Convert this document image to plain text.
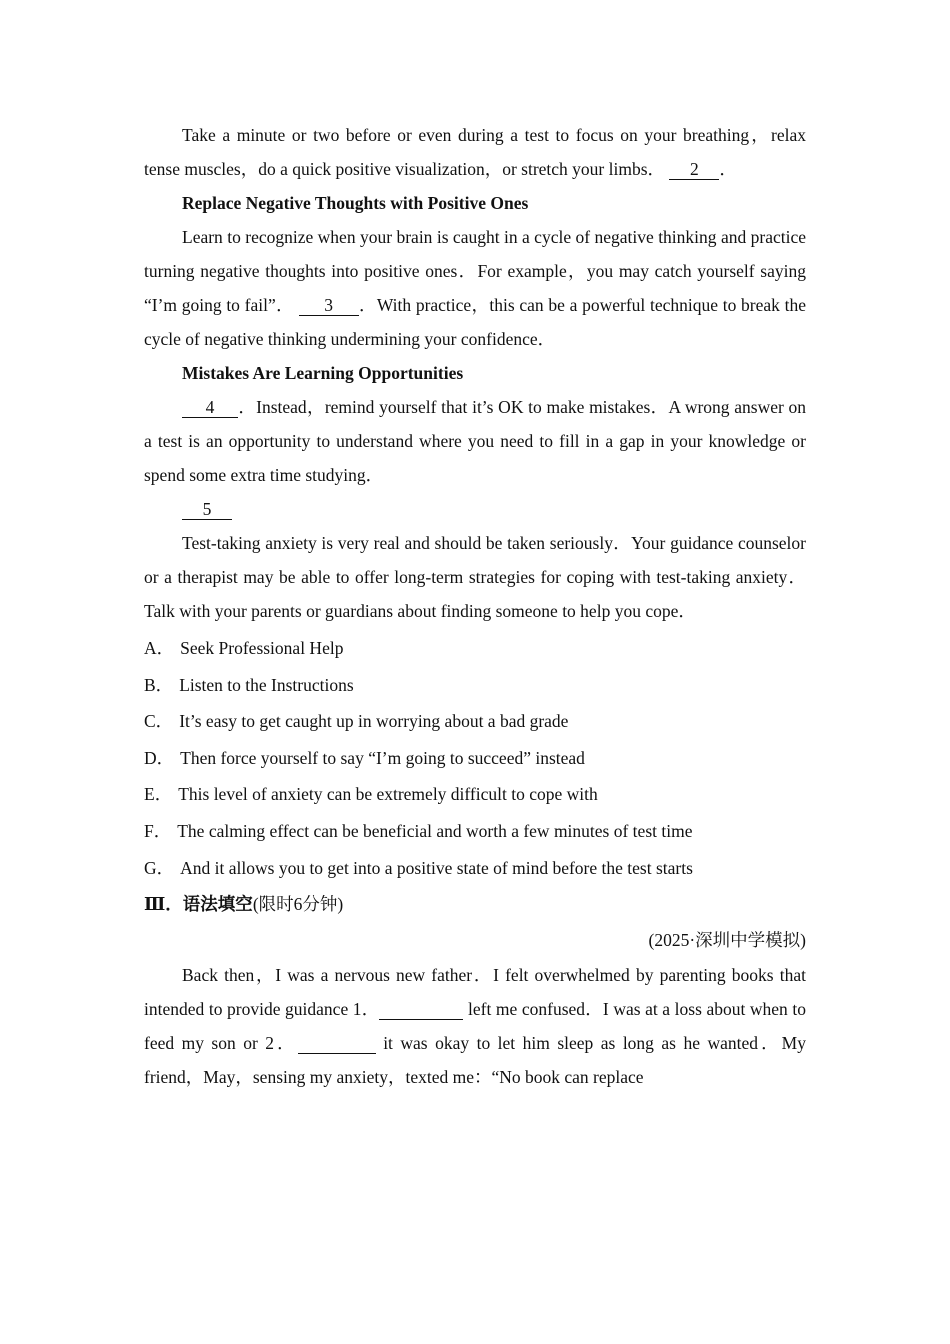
Take a minute or two before or even during a test to focus on your breathing，relax tense muscles，do a quick positive visualization，or stretch your limbs． 2 ．

Replace Negative Thoughts with Positive Ones

Learn to recognize when your brain is caught in a cycle of negative thinking and practice turning negative thoughts into positive ones．For example，you may catch yourself saying “I’m going to fail”． 3 ．With practice，this can be a powerful technique to break the cycle of negative thinking undermining your confidence．

Mistakes Are Learning Opportunities

4 ．Instead，remind yourself that it’s OK to make mistakes．A wrong answer on a test is an opportunity to understand where you need to fill in a gap in your knowledge or spend some extra time studying．

5

Test-taking anxiety is very real and should be taken seriously．Your guidance counselor or a therapist may be able to offer long-term strategies for coping with test-taking anxiety．Talk with your parents or guardians about finding someone to help you cope．

A． Seek Professional Help

B． Listen to the Instructions

C． It’s easy to get caught up in worrying about a bad grade

D． Then force yourself to say “I’m going to succeed” instead

E． This level of anxiety can be extremely difficult to cope with

F． The calming effect can be beneficial and worth a few minutes of test time

G． And it allows you to get into a positive state of mind before the test starts

Ⅲ．语法填空(限时6分钟)

(2025·深圳中学模拟)

Back then，I was a nervous new father．I felt overwhelmed by parenting books that intended to provide guidance 1．	left me confused．I was at a loss about when to feed my son or 2．	it was okay to let him sleep as long as he wanted．My friend，May，sensing my anxiety，texted me：“No book can replace
